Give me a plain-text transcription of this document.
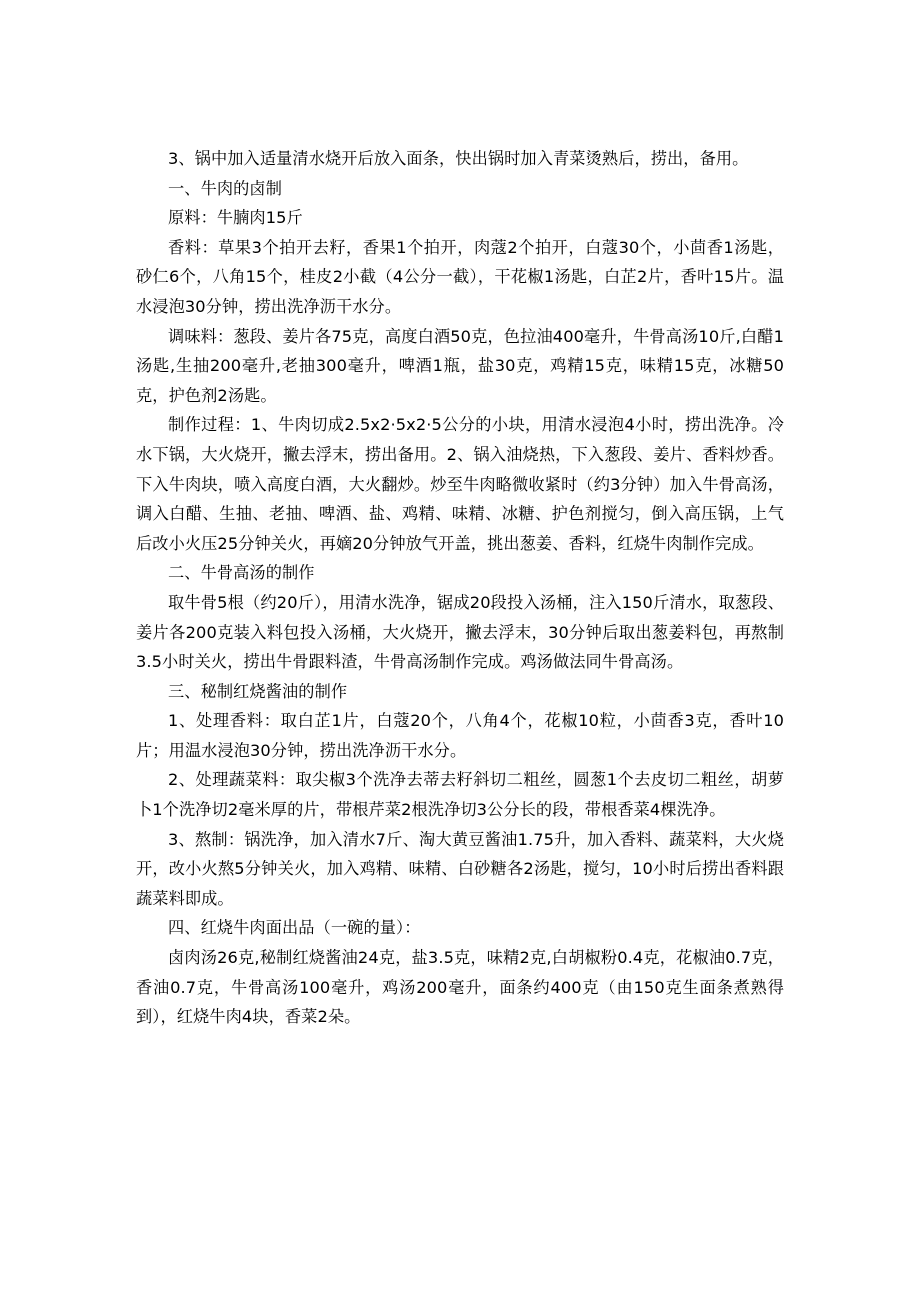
3、锅中加入适量清水烧开后放入面条，快出锅时加入青菜烫熟后，捞出，备用。

一、牛肉的卤制

原料：牛腩肉15斤

香料：草果3个拍开去籽，香果1个拍开，肉蔻2个拍开，白蔻30个，小茴香1汤匙，砂仁6个，八角15个，桂皮2小截（4公分一截），干花椒1汤匙，白芷2片，香叶15片。温水浸泡30分钟，捞出洗净沥干水分。

调味料：葱段、姜片各75克，高度白酒50克，色拉油400毫升，牛骨高汤10斤,白醋1汤匙,生抽200毫升,老抽300毫升，啤酒1瓶，盐30克，鸡精15克，味精15克，冰糖50克，护色剂2汤匙。

制作过程：1、牛肉切成2.5x2·5x2·5公分的小块，用清水浸泡4小时，捞出洗净。冷水下锅，大火烧开，撇去浮末，捞出备用。2、锅入油烧热，下入葱段、姜片、香料炒香。下入牛肉块，喷入高度白酒，大火翻炒。炒至牛肉略微收紧时（约3分钟）加入牛骨高汤，调入白醋、生抽、老抽、啤酒、盐、鸡精、味精、冰糖、护色剂搅匀，倒入高压锅，上气后改小火压25分钟关火，再嫡20分钟放气开盖，挑出葱姜、香料，红烧牛肉制作完成。

二、牛骨高汤的制作

取牛骨5根（约20斤），用清水洗净，锯成20段投入汤桶，注入150斤清水，取葱段、姜片各200克装入料包投入汤桶，大火烧开，撇去浮末，30分钟后取出葱姜料包，再熬制3.5小时关火，捞出牛骨跟料渣，牛骨高汤制作完成。鸡汤做法同牛骨高汤。

三、秘制红烧酱油的制作

1、处理香料：取白芷1片，白蔻20个，八角4个，花椒10粒，小茴香3克，香叶10片；用温水浸泡30分钟，捞出洗净沥干水分。

2、处理蔬菜料：取尖椒3个洗净去蒂去籽斜切二粗丝，圆葱1个去皮切二粗丝，胡萝卜1个洗净切2毫米厚的片，带根芹菜2根洗净切3公分长的段，带根香菜4棵洗净。

3、熬制：锅洗净，加入清水7斤、淘大黄豆酱油1.75升，加入香料、蔬菜料，大火烧开，改小火熬5分钟关火，加入鸡精、味精、白砂糖各2汤匙，搅匀，10小时后捞出香料跟蔬菜料即成。

四、红烧牛肉面出品（一碗的量）：

卤肉汤26克,秘制红烧酱油24克，盐3.5克，味精2克,白胡椒粉0.4克，花椒油0.7克，香油0.7克，牛骨高汤100毫升，鸡汤200毫升，面条约400克（由150克生面条煮熟得到），红烧牛肉4块，香菜2朵。
